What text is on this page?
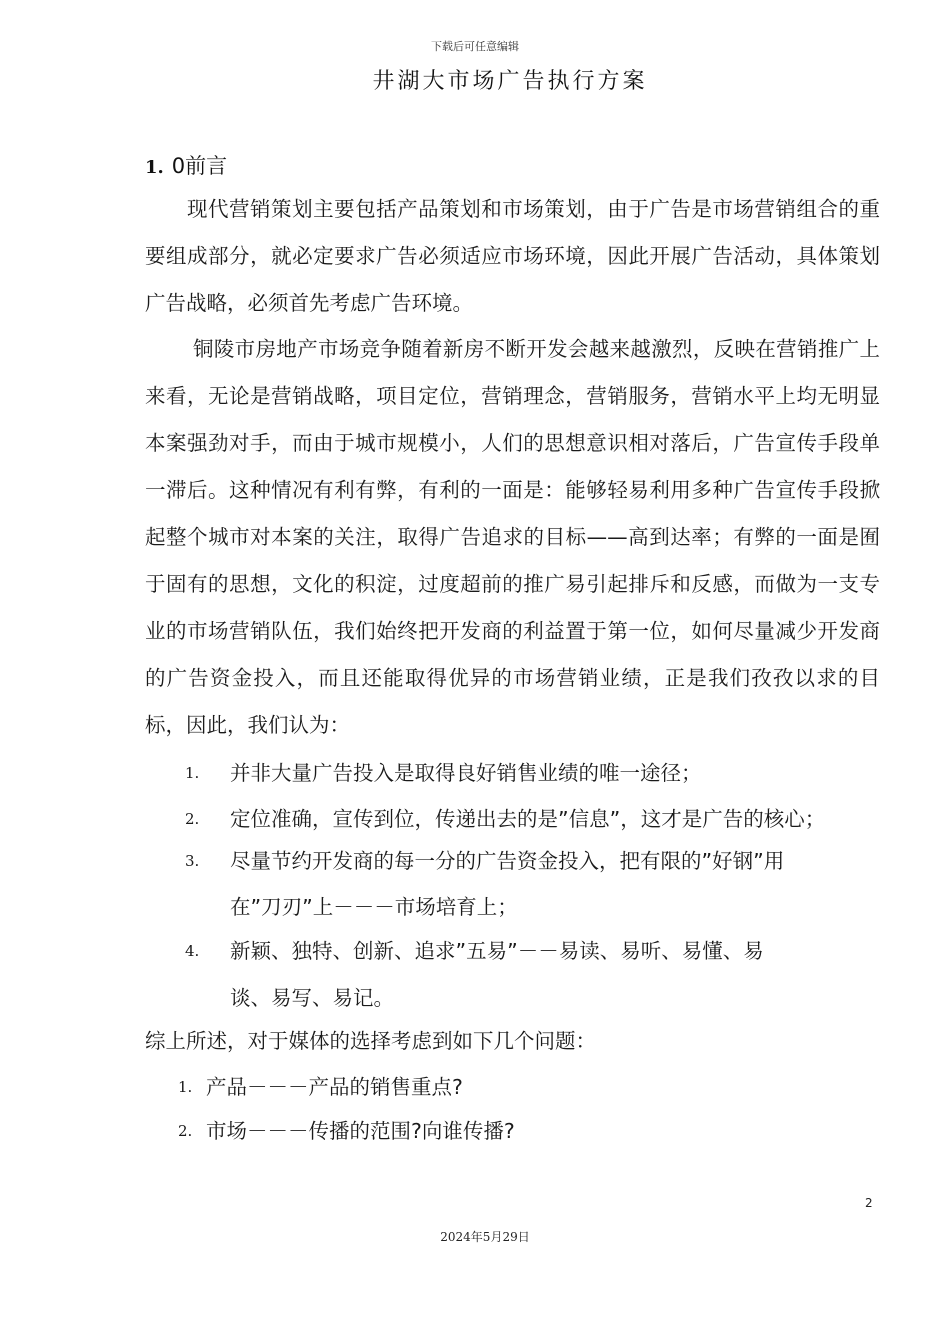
下载后可任意编辑
井湖大市场广告执行方案
1. 0前言
现代营销策划主要包括产品策划和市场策划，由于广告是市场营销组合的重要组成部分，就必定要求广告必须适应市场环境，因此开展广告活动，具体策划广告战略，必须首先考虑广告环境。
铜陵市房地产市场竞争随着新房不断开发会越来越激烈，反映在营销推广上来看，无论是营销战略，项目定位，营销理念，营销服务，营销水平上均无明显本案强劲对手，而由于城市规模小，人们的思想意识相对落后，广告宣传手段单一滞后。这种情况有利有弊，有利的一面是：能够轻易利用多种广告宣传手段掀起整个城市对本案的关注，取得广告追求的目标——高到达率；有弊的一面是囿于固有的思想，文化的积淀，过度超前的推广易引起排斥和反感，而做为一支专业的市场营销队伍，我们始终把开发商的利益置于第一位，如何尽量减少开发商的广告资金投入，而且还能取得优异的市场营销业绩，正是我们孜孜以求的目标，因此，我们认为：
1. 并非大量广告投入是取得良好销售业绩的唯一途径；
2. 定位准确，宣传到位，传递出去的是”信息”，这才是广告的核心；
3. 尽量节约开发商的每一分的广告资金投入，把有限的”好钢”用
在”刀刃”上－－－市场培育上；
4. 新颖、独特、创新、追求”五易”－－易读、易听、易懂、易
谈、易写、易记。
综上所述，对于媒体的选择考虑到如下几个问题：
1. 产品－－－产品的销售重点?
2. 市场－－－传播的范围?向谁传播?
2
2024年5月29日
